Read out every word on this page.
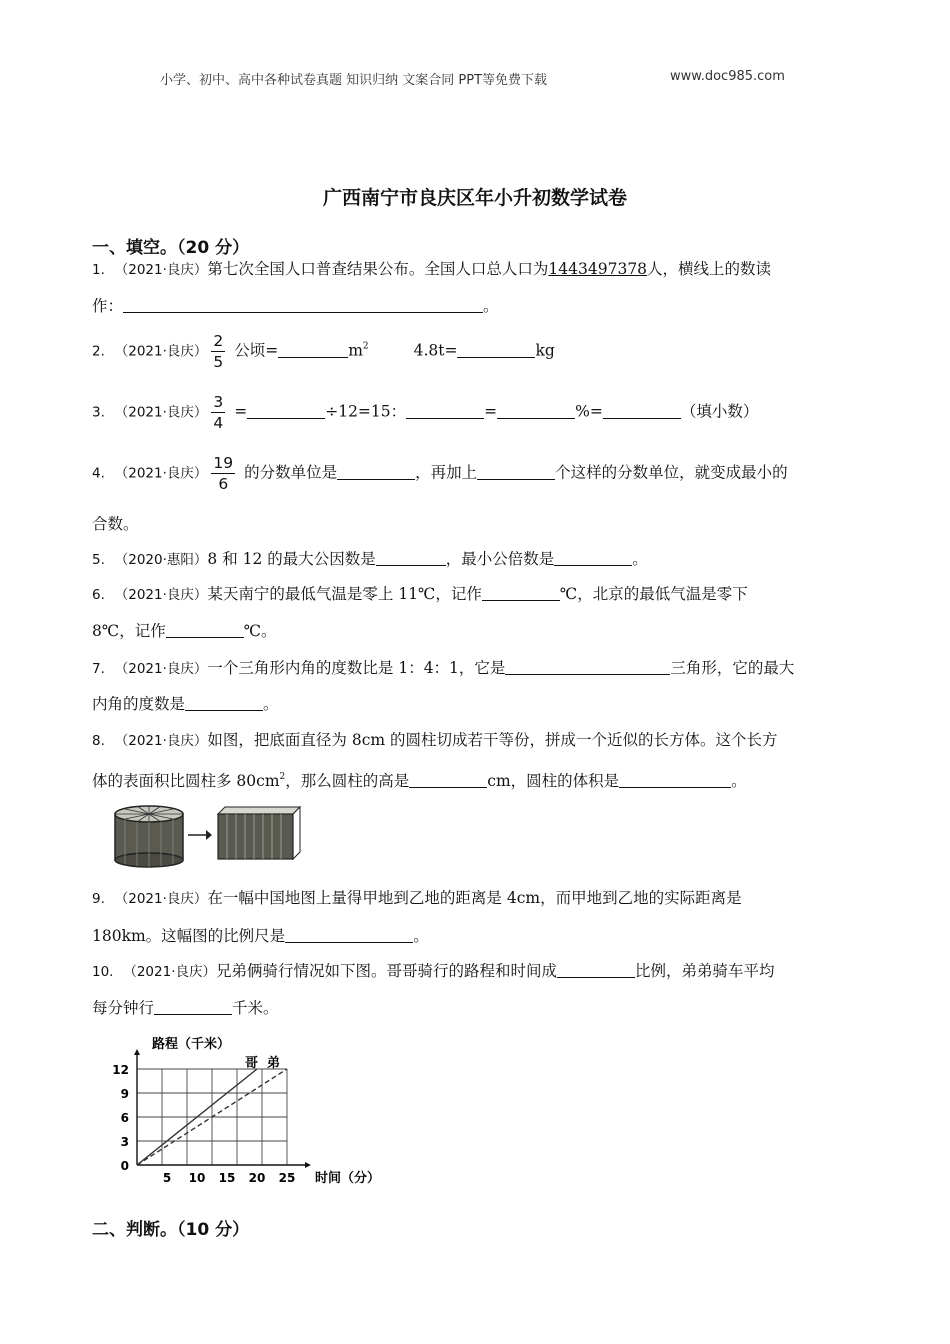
小学、初中、高中各种试卷真题 知识归纳 文案合同 PPT等免费下载	www.doc985.com
广西南宁市良庆区年小升初数学试卷
一、填空。（20 分）
1. （2021·良庆）第七次全国人口普查结果公布。全国人口总人口为1443497378人，横线上的数读
作：	。
2. （2021·良庆） $\frac{2}{5}$ 公顷=	$m^2$	4.8t=	kg
3. （2021·良庆） $\frac{3}{4}$ =	÷12=15：	=	%=	（填小数）
4. （2021·良庆） $\frac{19}{6}$ 的分数单位是	，再加上	个这样的分数单位，就变成最小的
合数。
5. （2020·惠阳）8 和 12 的最大公因数是	，最小公倍数是	。
6. （2021·良庆）某天南宁的最低气温是零上 11℃，记作	℃，北京的最低气温是零下
8℃，记作	℃。
7. （2021·良庆）一个三角形内角的度数比是 1：4：1，它是	三角形，它的最大
内角的度数是	。
8. （2021·良庆）如图，把底面直径为 8cm 的圆柱切成若干等份，拼成一个近似的长方体。这个长方
体的表面积比圆柱多 $80cm^2$，那么圆柱的高是	cm，圆柱的体积是	。
9. （2021·良庆）在一幅中国地图上量得甲地到乙地的距离是 4cm，而甲地到乙地的实际距离是
180km。这幅图的比例尺是	。
10. （2021·良庆）兄弟俩骑行情况如下图。哥哥骑行的路程和时间成	比例，弟弟骑车平均
每分钟行	千米。
0
3
6
9
12
5 10 15 20 25
路程（千米）
时间（分）
哥 弟
二、判断。（10 分）
